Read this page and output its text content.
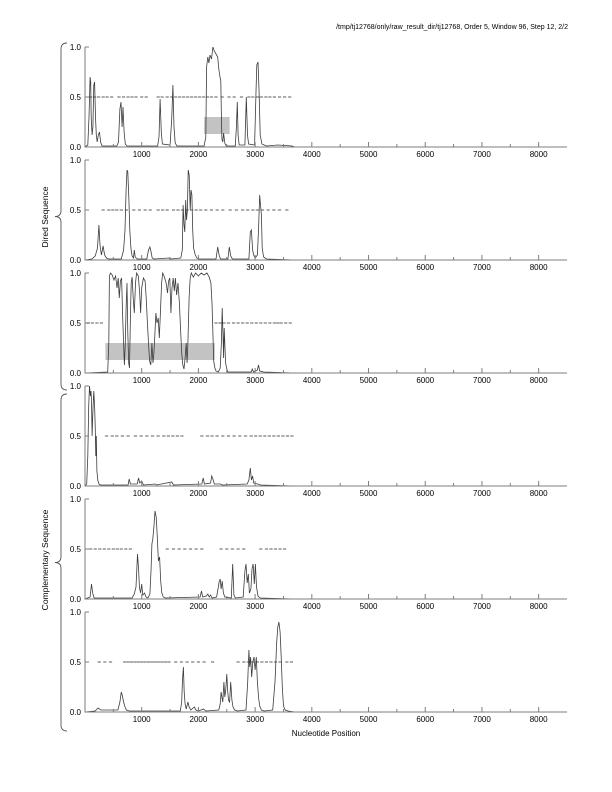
/tmp/tj12768/only/raw_result_dir/tj12768, Order 5, Window 96, Step 12, 2/2
Dired Sequence
Complementary Sequence
1.0
0.5
0.0
1000	2000	3000	4000	5000	6000	7000	8000
1.0
0.5
0.0
1000	2000	3000	4000	5000	6000	7000	8000
1.0
0.5
0.0
1000	2000	3000	4000	5000	6000	7000	8000
1.0
0.5
0.0
1000	2000	3000	4000	5000	6000	7000	8000
1.0
0.5
0.0
1000	2000	3000	4000	5000	6000	7000	8000
1.0
0.5
0.0
1000	2000	3000	4000	5000	6000	7000	8000
Nucleotide Position
